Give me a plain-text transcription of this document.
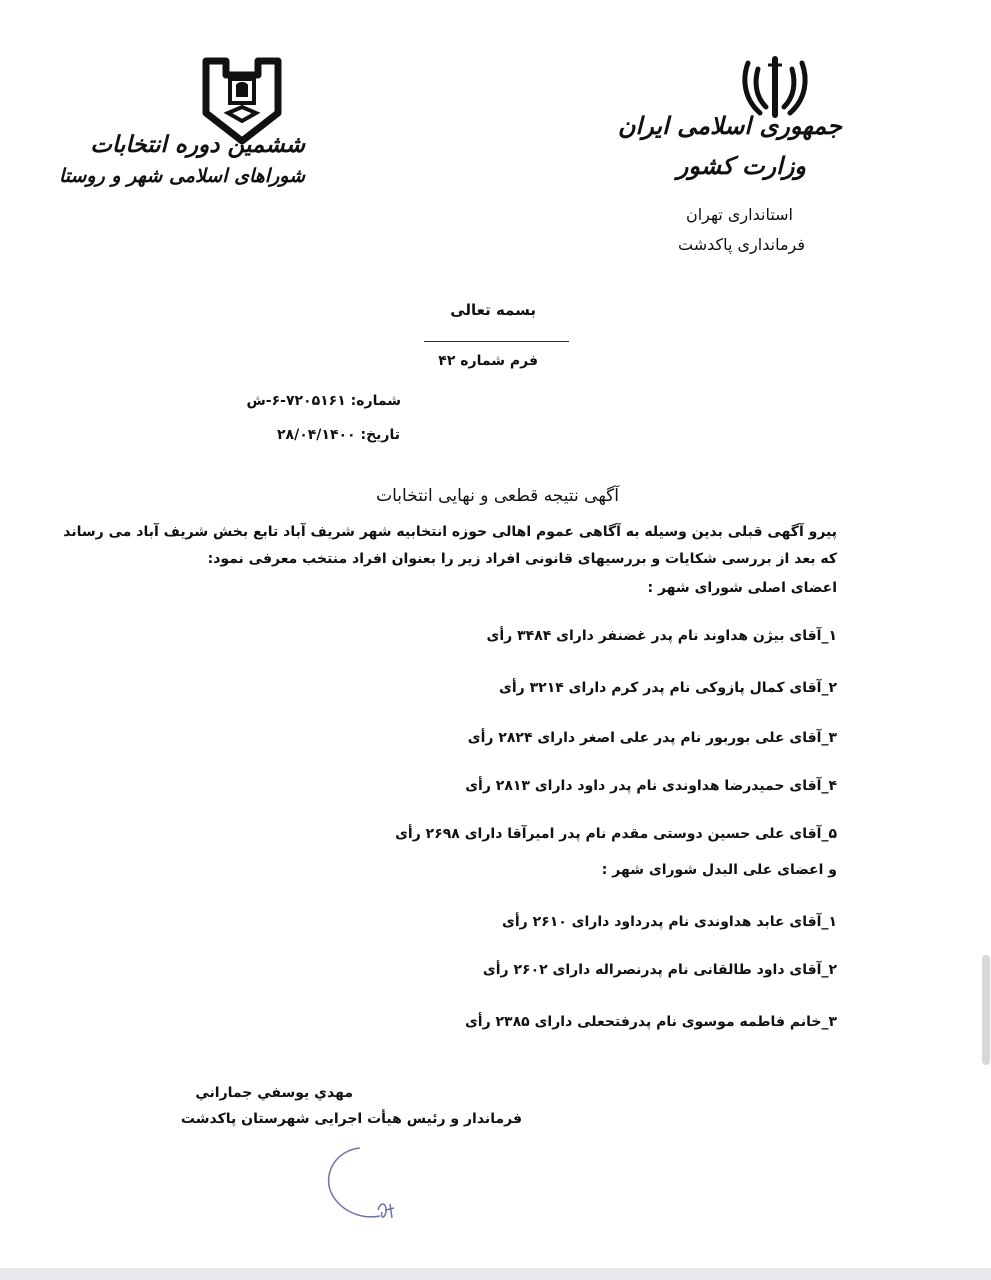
ششمین دوره انتخابات
شوراهای اسلامی شهر و روستا
جمهوری اسلامی ایران
وزارت کشور
استانداری تهران
فرمانداری پاکدشت
بسمه تعالی
فرم شماره ۴۲
شماره: ۷۲۰۵۱۶۱-۶-ش
تاریخ: ۲۸/۰۴/۱۴۰۰
آگهی نتیجه قطعی و نهایی انتخابات
پیرو آگهی قبلی بدین وسیله به آگاهی عموم اهالی حوزه انتخابیه شهر شریف آباد تابع بخش شریف آباد می رساند
که بعد از بررسی شکایات و بررسیهای قانونی افراد زیر را بعنوان افراد منتخب معرفی نمود:
اعضای اصلی شورای شهر :
۱_آقای بیژن هداوند نام پدر غضنفر دارای ۳۴۸۴ رأی
۲_آقای کمال پازوکی نام پدر کرم دارای ۳۲۱۴ رأی
۳_آقای علی بوربور نام پدر علی اصغر دارای ۲۸۲۴ رأی
۴_آقای حمیدرضا هداوندی نام پدر داود دارای ۲۸۱۳ رأی
۵_آقای علی حسین دوستی مقدم نام پدر امیرآقا دارای ۲۶۹۸ رأی
و اعضای علی البدل شورای شهر :
۱_آقای عابد هداوندی نام پدرداود دارای ۲۶۱۰ رأی
۲_آقای داود طالقانی نام پدرنصراله دارای ۲۶۰۲ رأی
۳_خانم فاطمه موسوی نام پدرفتحعلی دارای ۲۳۸۵ رأی
مهدي يوسفي جماراني
فرماندار و رئیس هیأت اجرایی شهرستان پاکدشت
